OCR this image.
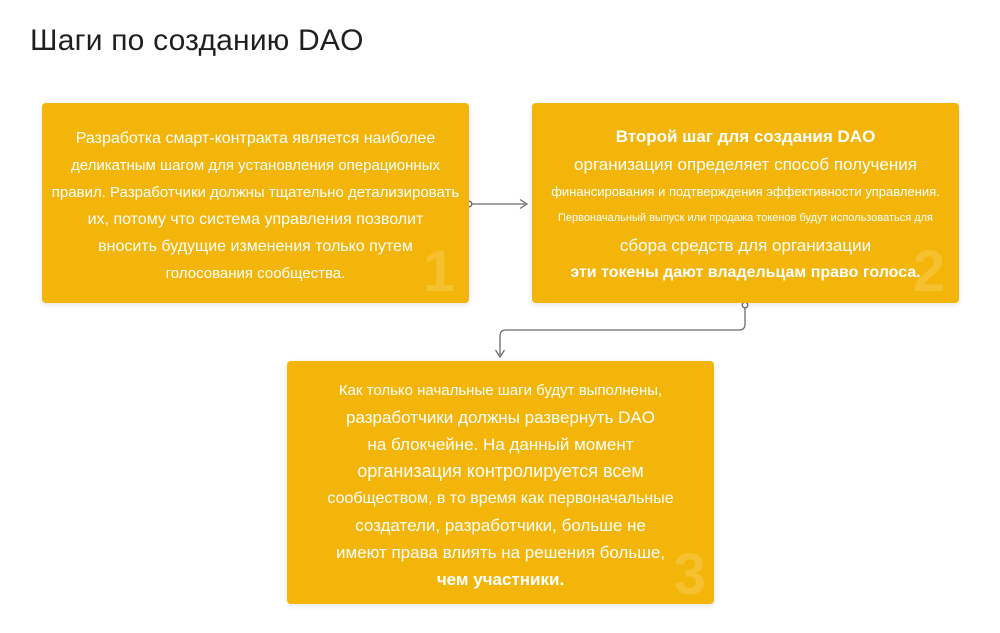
Шаги по созданию DAO
1
Разработка смарт-контракта является наиболее
деликатным шагом для установления операционных
правил. Разработчики должны тщательно детализировать
их, потому что система управления позволит
вносить будущие изменения только путем
голосования сообщества.	2
Второй шаг для создания DAO
организация определяет способ получения
финансирования и подтверждения эффективности управления.
Первоначальный выпуск или продажа токенов будут использоваться для
сбора средств для организации
эти токены дают владельцам право голоса.
3
Как только начальные шаги будут выполнены,
разработчики должны развернуть DAO
на блокчейне. На данный момент
организация контролируется всем
сообществом, в то время как первоначальные
создатели, разработчики, больше не
имеют права влиять на решения больше,
чем участники.
